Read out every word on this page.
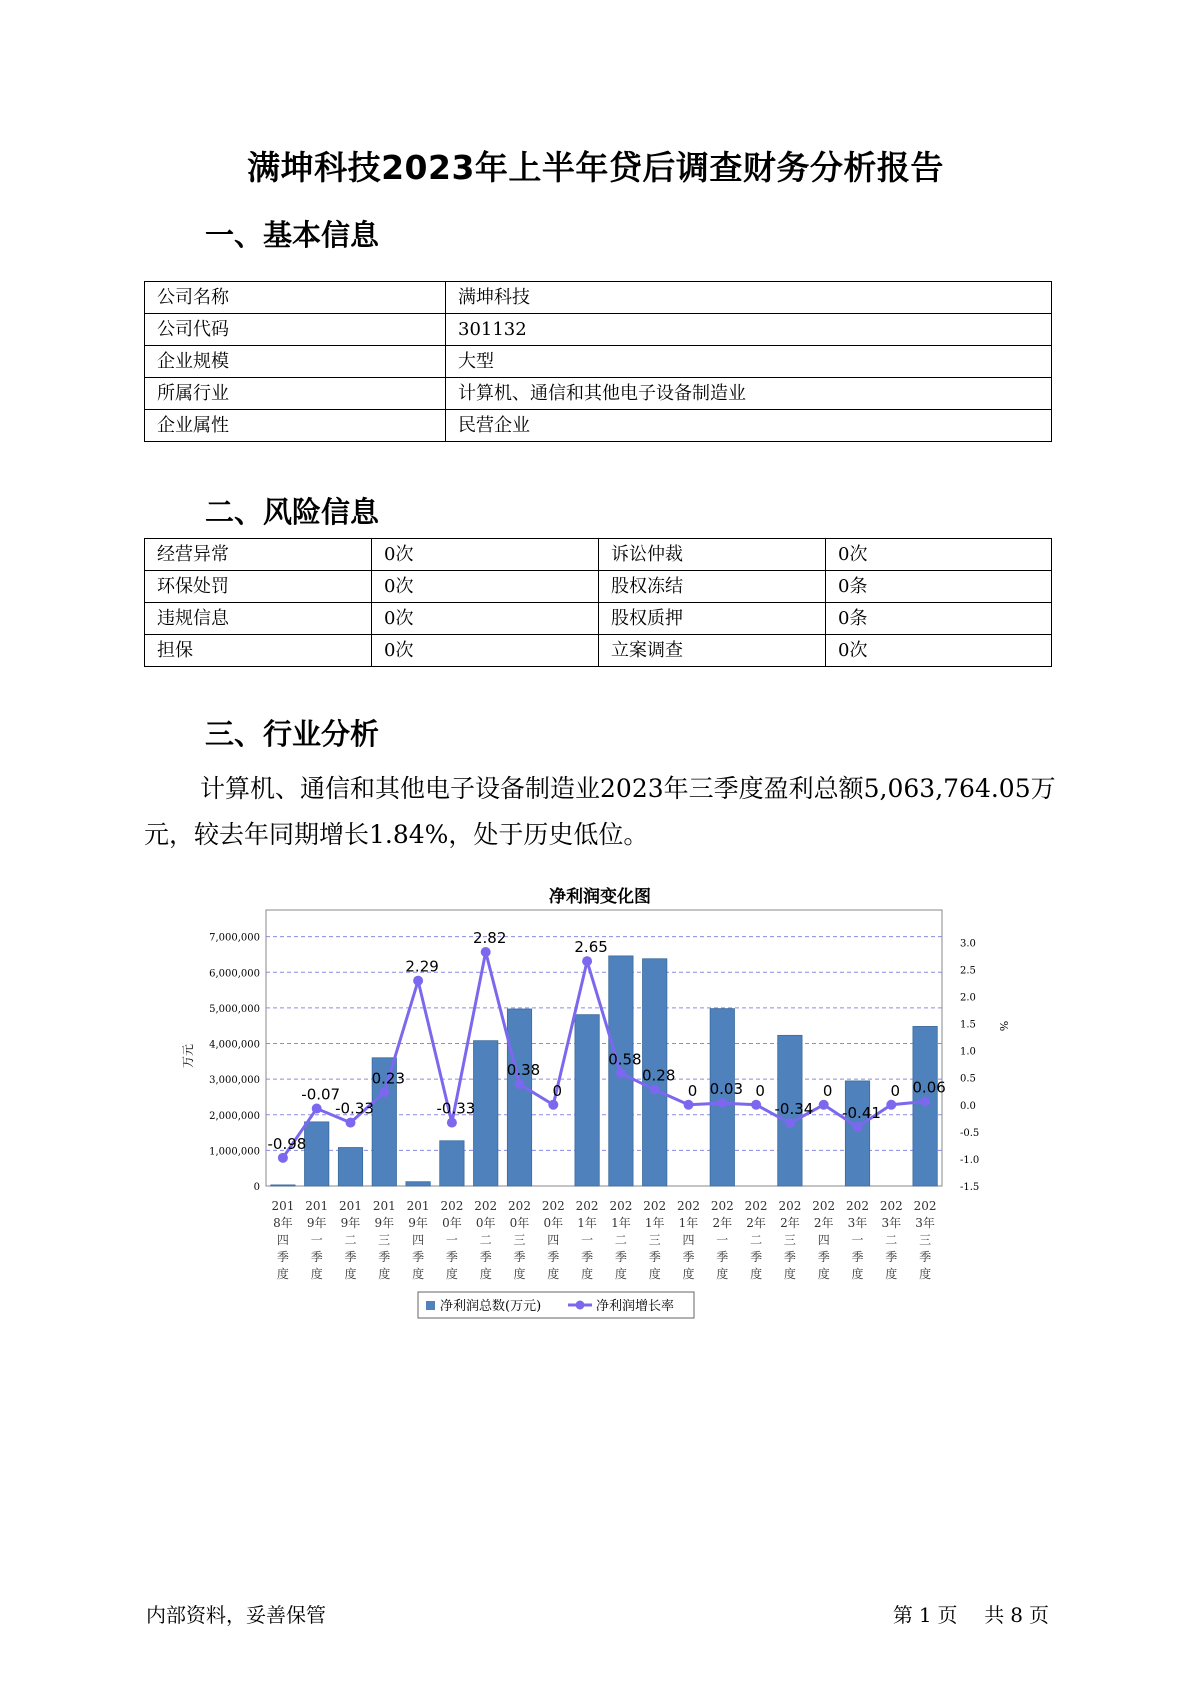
满坤科技2023年上半年贷后调查财务分析报告
一、基本信息
公司名称	满坤科技
公司代码	301132
企业规模	大型
所属行业	计算机、通信和其他电子设备制造业
企业属性	民营企业
二、风险信息
经营异常	0次	诉讼仲裁	0次
环保处罚	0次	股权冻结	0条
违规信息	0次	股权质押	0条
担保	0次	立案调查	0次
三、行业分析
计算机、通信和其他电子设备制造业2023年三季度盈利总额5,063,764.05万元，较去年同期增长1.84%，处于历史低位。
净利润变化图
-0.98
-0.07
-0.33
0.23
2.29
-0.33
2.82
0.38
0
2.65
0.58
0.28
0 0.03 0
-0.34
0
-0.41
0 0.06
0
1,000,000
2,000,000
3,000,000
4,000,000
5,000,000
6,000,000
7,000,000
-1.5
-1.0
-0.5
0.0
0.5
1.0
1.5
2.0
2.5
3.0
万元
%
201 8年四季度
201 9年一季度
201 9年二季度
201 9年三季度
201 9年四季度
202 0年一季度
202 0年二季度
202 0年三季度
202 0年四季度
202 1年一季度
202 1年二季度
202 1年三季度
202 1年四季度
202 2年一季度
202 2年二季度
202 2年三季度
202 2年四季度
202 3年一季度
202 3年二季度
202 3年三季度
净利润总数(万元)	净利润增长率
内部资料，妥善保管	第 1 页 共 8 页
